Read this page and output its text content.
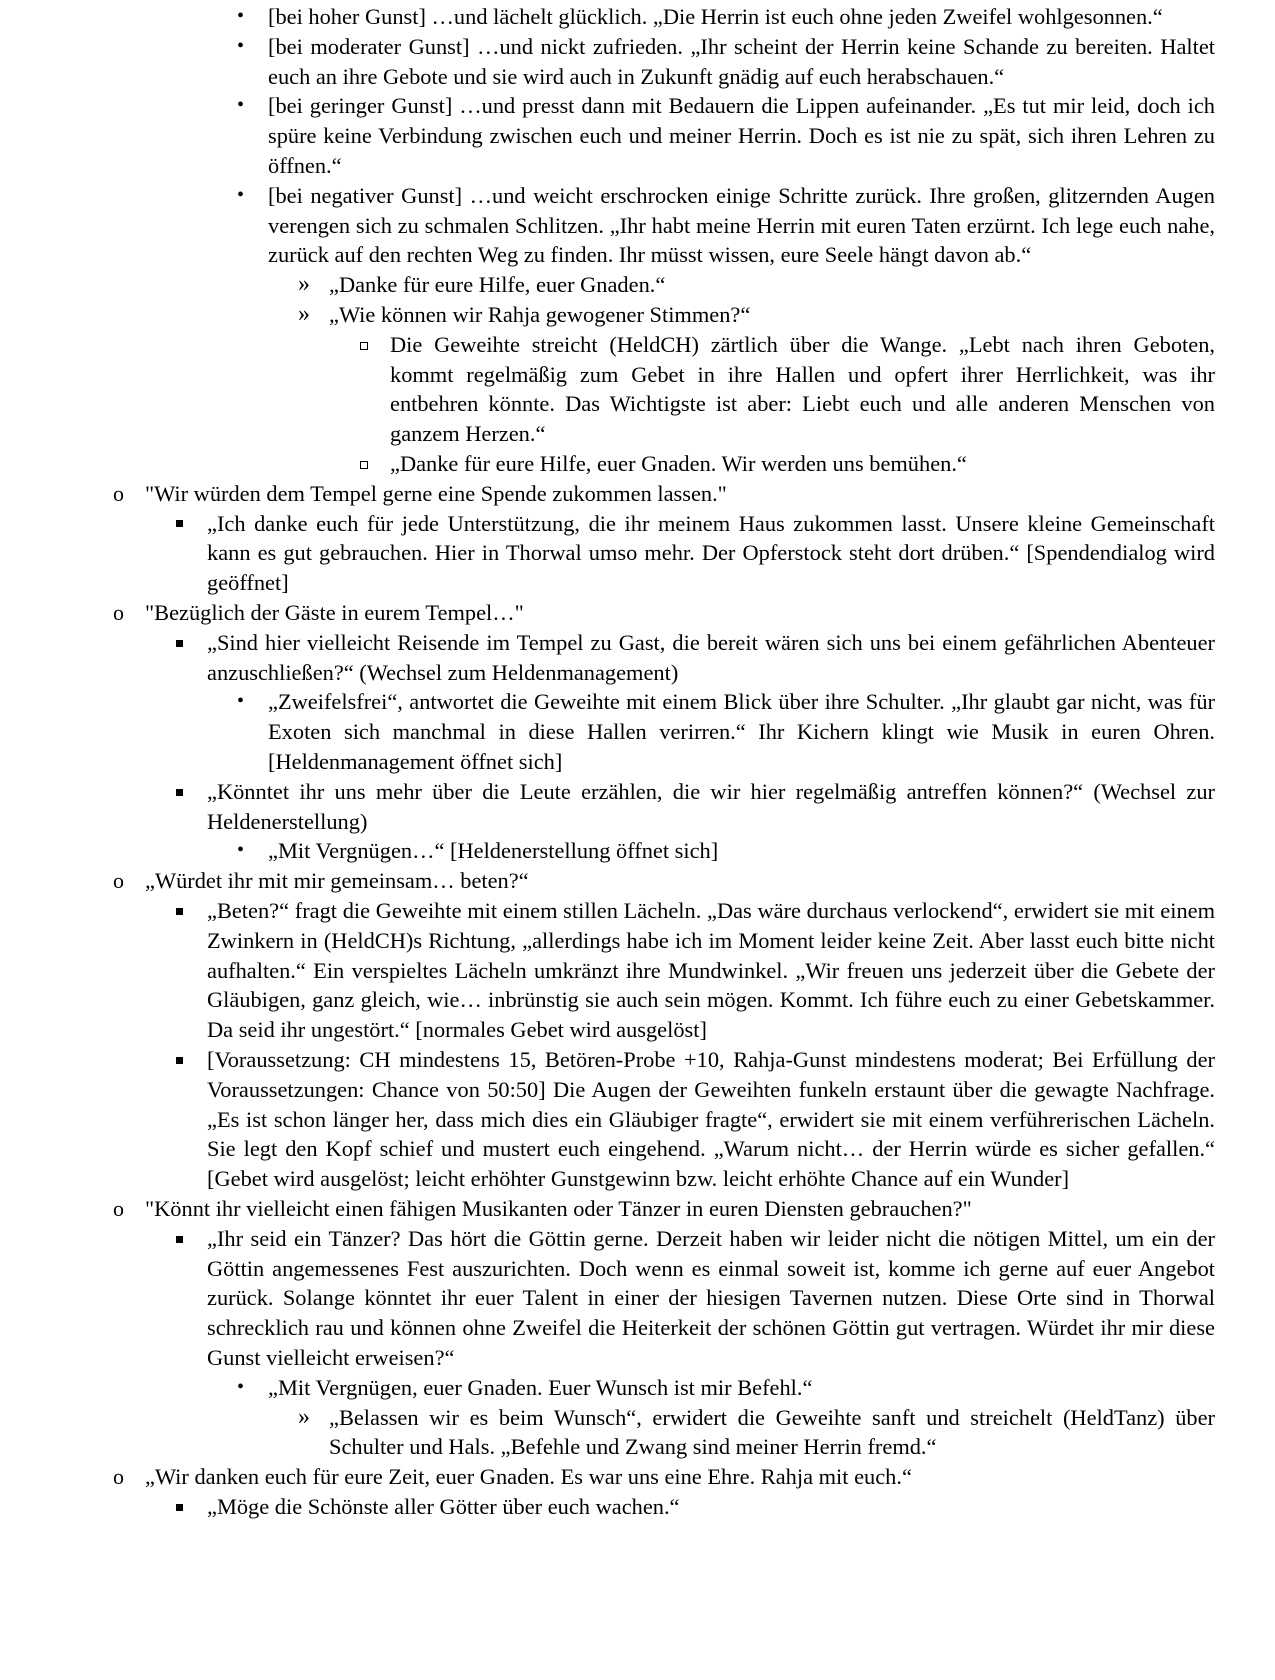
• [bei hoher Gunst] …und lächelt glücklich. „Die Herrin ist euch ohne jeden Zweifel wohlgesonnen.“

• [bei moderater Gunst] …und nickt zufrieden. „Ihr scheint der Herrin keine Schande zu bereiten. Haltet euch an ihre Gebote und sie wird auch in Zukunft gnädig auf euch herabschauen.“

• [bei geringer Gunst] …und presst dann mit Bedauern die Lippen aufeinander. „Es tut mir leid, doch ich spüre keine Verbindung zwischen euch und meiner Herrin. Doch es ist nie zu spät, sich ihren Lehren zu öffnen.“

• [bei negativer Gunst] …und weicht erschrocken einige Schritte zurück. Ihre großen, glitzernden Augen verengen sich zu schmalen Schlitzen. „Ihr habt meine Herrin mit euren Taten erzürnt. Ich lege euch nahe, zurück auf den rechten Weg zu finden. Ihr müsst wissen, eure Seele hängt davon ab.“

» „Danke für eure Hilfe, euer Gnaden.“

» „Wie können wir Rahja gewogener Stimmen?“

Die Geweihte streicht (HeldCH) zärtlich über die Wange. „Lebt nach ihren Geboten, kommt regelmäßig zum Gebet in ihre Hallen und opfert ihrer Herrlichkeit, was ihr entbehren könnte. Das Wichtigste ist aber: Liebt euch und alle anderen Menschen von ganzem Herzen.“

„Danke für eure Hilfe, euer Gnaden. Wir werden uns bemühen.“

o "Wir würden dem Tempel gerne eine Spende zukommen lassen."

„Ich danke euch für jede Unterstützung, die ihr meinem Haus zukommen lasst. Unsere kleine Gemeinschaft kann es gut gebrauchen. Hier in Thorwal umso mehr. Der Opferstock steht dort drüben.“ [Spendendialog wird geöffnet]

o "Bezüglich der Gäste in eurem Tempel…"

„Sind hier vielleicht Reisende im Tempel zu Gast, die bereit wären sich uns bei einem gefährlichen Abenteuer anzuschließen?“ (Wechsel zum Heldenmanagement)

• „Zweifelsfrei“, antwortet die Geweihte mit einem Blick über ihre Schulter. „Ihr glaubt gar nicht, was für Exoten sich manchmal in diese Hallen verirren.“ Ihr Kichern klingt wie Musik in euren Ohren. [Heldenmanagement öffnet sich]

„Könntet ihr uns mehr über die Leute erzählen, die wir hier regelmäßig antreffen können?“ (Wechsel zur Heldenerstellung)

• „Mit Vergnügen…“ [Heldenerstellung öffnet sich]

o „Würdet ihr mit mir gemeinsam… beten?“

„Beten?“ fragt die Geweihte mit einem stillen Lächeln. „Das wäre durchaus verlockend“, erwidert sie mit einem Zwinkern in (HeldCH)s Richtung, „allerdings habe ich im Moment leider keine Zeit. Aber lasst euch bitte nicht aufhalten.“ Ein verspieltes Lächeln umkränzt ihre Mundwinkel. „Wir freuen uns jederzeit über die Gebete der Gläubigen, ganz gleich, wie… inbrünstig sie auch sein mögen. Kommt. Ich führe euch zu einer Gebetskammer. Da seid ihr ungestört.“ [normales Gebet wird ausgelöst]

[Voraussetzung: CH mindestens 15, Betören-Probe +10, Rahja-Gunst mindestens moderat; Bei Erfüllung der Voraussetzungen: Chance von 50:50] Die Augen der Geweihten funkeln erstaunt über die gewagte Nachfrage. „Es ist schon länger her, dass mich dies ein Gläubiger fragte“, erwidert sie mit einem verführerischen Lächeln. Sie legt den Kopf schief und mustert euch eingehend. „Warum nicht… der Herrin würde es sicher gefallen.“ [Gebet wird ausgelöst; leicht erhöhter Gunstgewinn bzw. leicht erhöhte Chance auf ein Wunder]

o "Könnt ihr vielleicht einen fähigen Musikanten oder Tänzer in euren Diensten gebrauchen?"

„Ihr seid ein Tänzer? Das hört die Göttin gerne. Derzeit haben wir leider nicht die nötigen Mittel, um ein der Göttin angemessenes Fest auszurichten. Doch wenn es einmal soweit ist, komme ich gerne auf euer Angebot zurück. Solange könntet ihr euer Talent in einer der hiesigen Tavernen nutzen. Diese Orte sind in Thorwal schrecklich rau und können ohne Zweifel die Heiterkeit der schönen Göttin gut vertragen. Würdet ihr mir diese Gunst vielleicht erweisen?“

• „Mit Vergnügen, euer Gnaden. Euer Wunsch ist mir Befehl.“

» „Belassen wir es beim Wunsch“, erwidert die Geweihte sanft und streichelt (HeldTanz) über Schulter und Hals. „Befehle und Zwang sind meiner Herrin fremd.“

o „Wir danken euch für eure Zeit, euer Gnaden. Es war uns eine Ehre. Rahja mit euch.“

„Möge die Schönste aller Götter über euch wachen.“
